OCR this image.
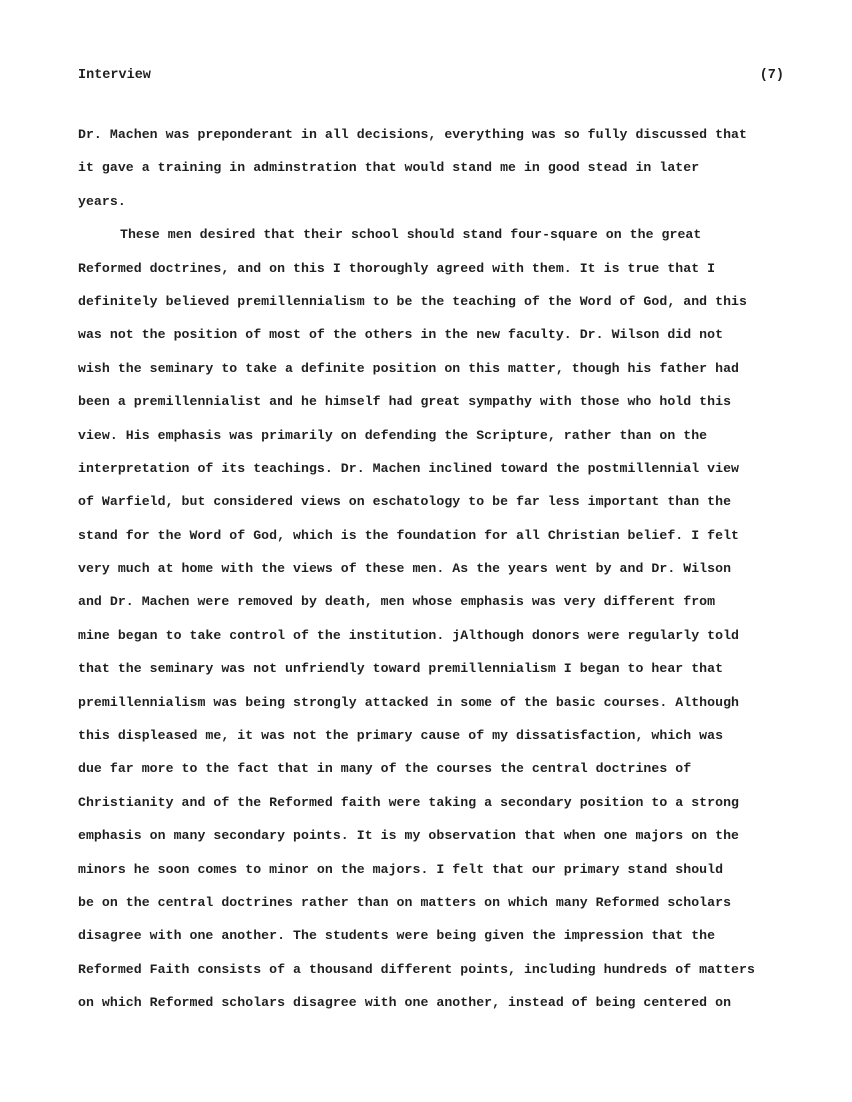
Interview	(7)
Dr. Machen was preponderant in all decisions, everything was so fully discussed that
it gave a training in adminstration that would stand me in good stead in later
years.
These men desired that their school should stand four-square on the great
Reformed doctrines, and on this I thoroughly agreed with them. It is true that I
definitely believed premillennialism to be the teaching of the Word of God, and this
was not the position of most of the others in the new faculty. Dr. Wilson did not
wish the seminary to take a definite position on this matter, though his father had
been a premillennialist and he himself had great sympathy with those who hold this
view. His emphasis was primarily on defending the Scripture, rather than on the
interpretation of its teachings. Dr. Machen inclined toward the postmillennial view
of Warfield, but considered views on eschatology to be far less important than the
stand for the Word of God, which is the foundation for all Christian belief. I felt
very much at home with the views of these men. As the years went by and Dr. Wilson
and Dr. Machen were removed by death, men whose emphasis was very different from
mine began to take control of the institution. jAlthough donors were regularly told
that the seminary was not unfriendly toward premillennialism I began to hear that
premillennialism was being strongly attacked in some of the basic courses. Although
this displeased me, it was not the primary cause of my dissatisfaction, which was
due far more to the fact that in many of the courses the central doctrines of
Christianity and of the Reformed faith were taking a secondary position to a strong
emphasis on many secondary points. It is my observation that when one majors on the
minors he soon comes to minor on the majors. I felt that our primary stand should
be on the central doctrines rather than on matters on which many Reformed scholars
disagree with one another. The students were being given the impression that the
Reformed Faith consists of a thousand different points, including hundreds of matters
on which Reformed scholars disagree with one another, instead of being centered on
